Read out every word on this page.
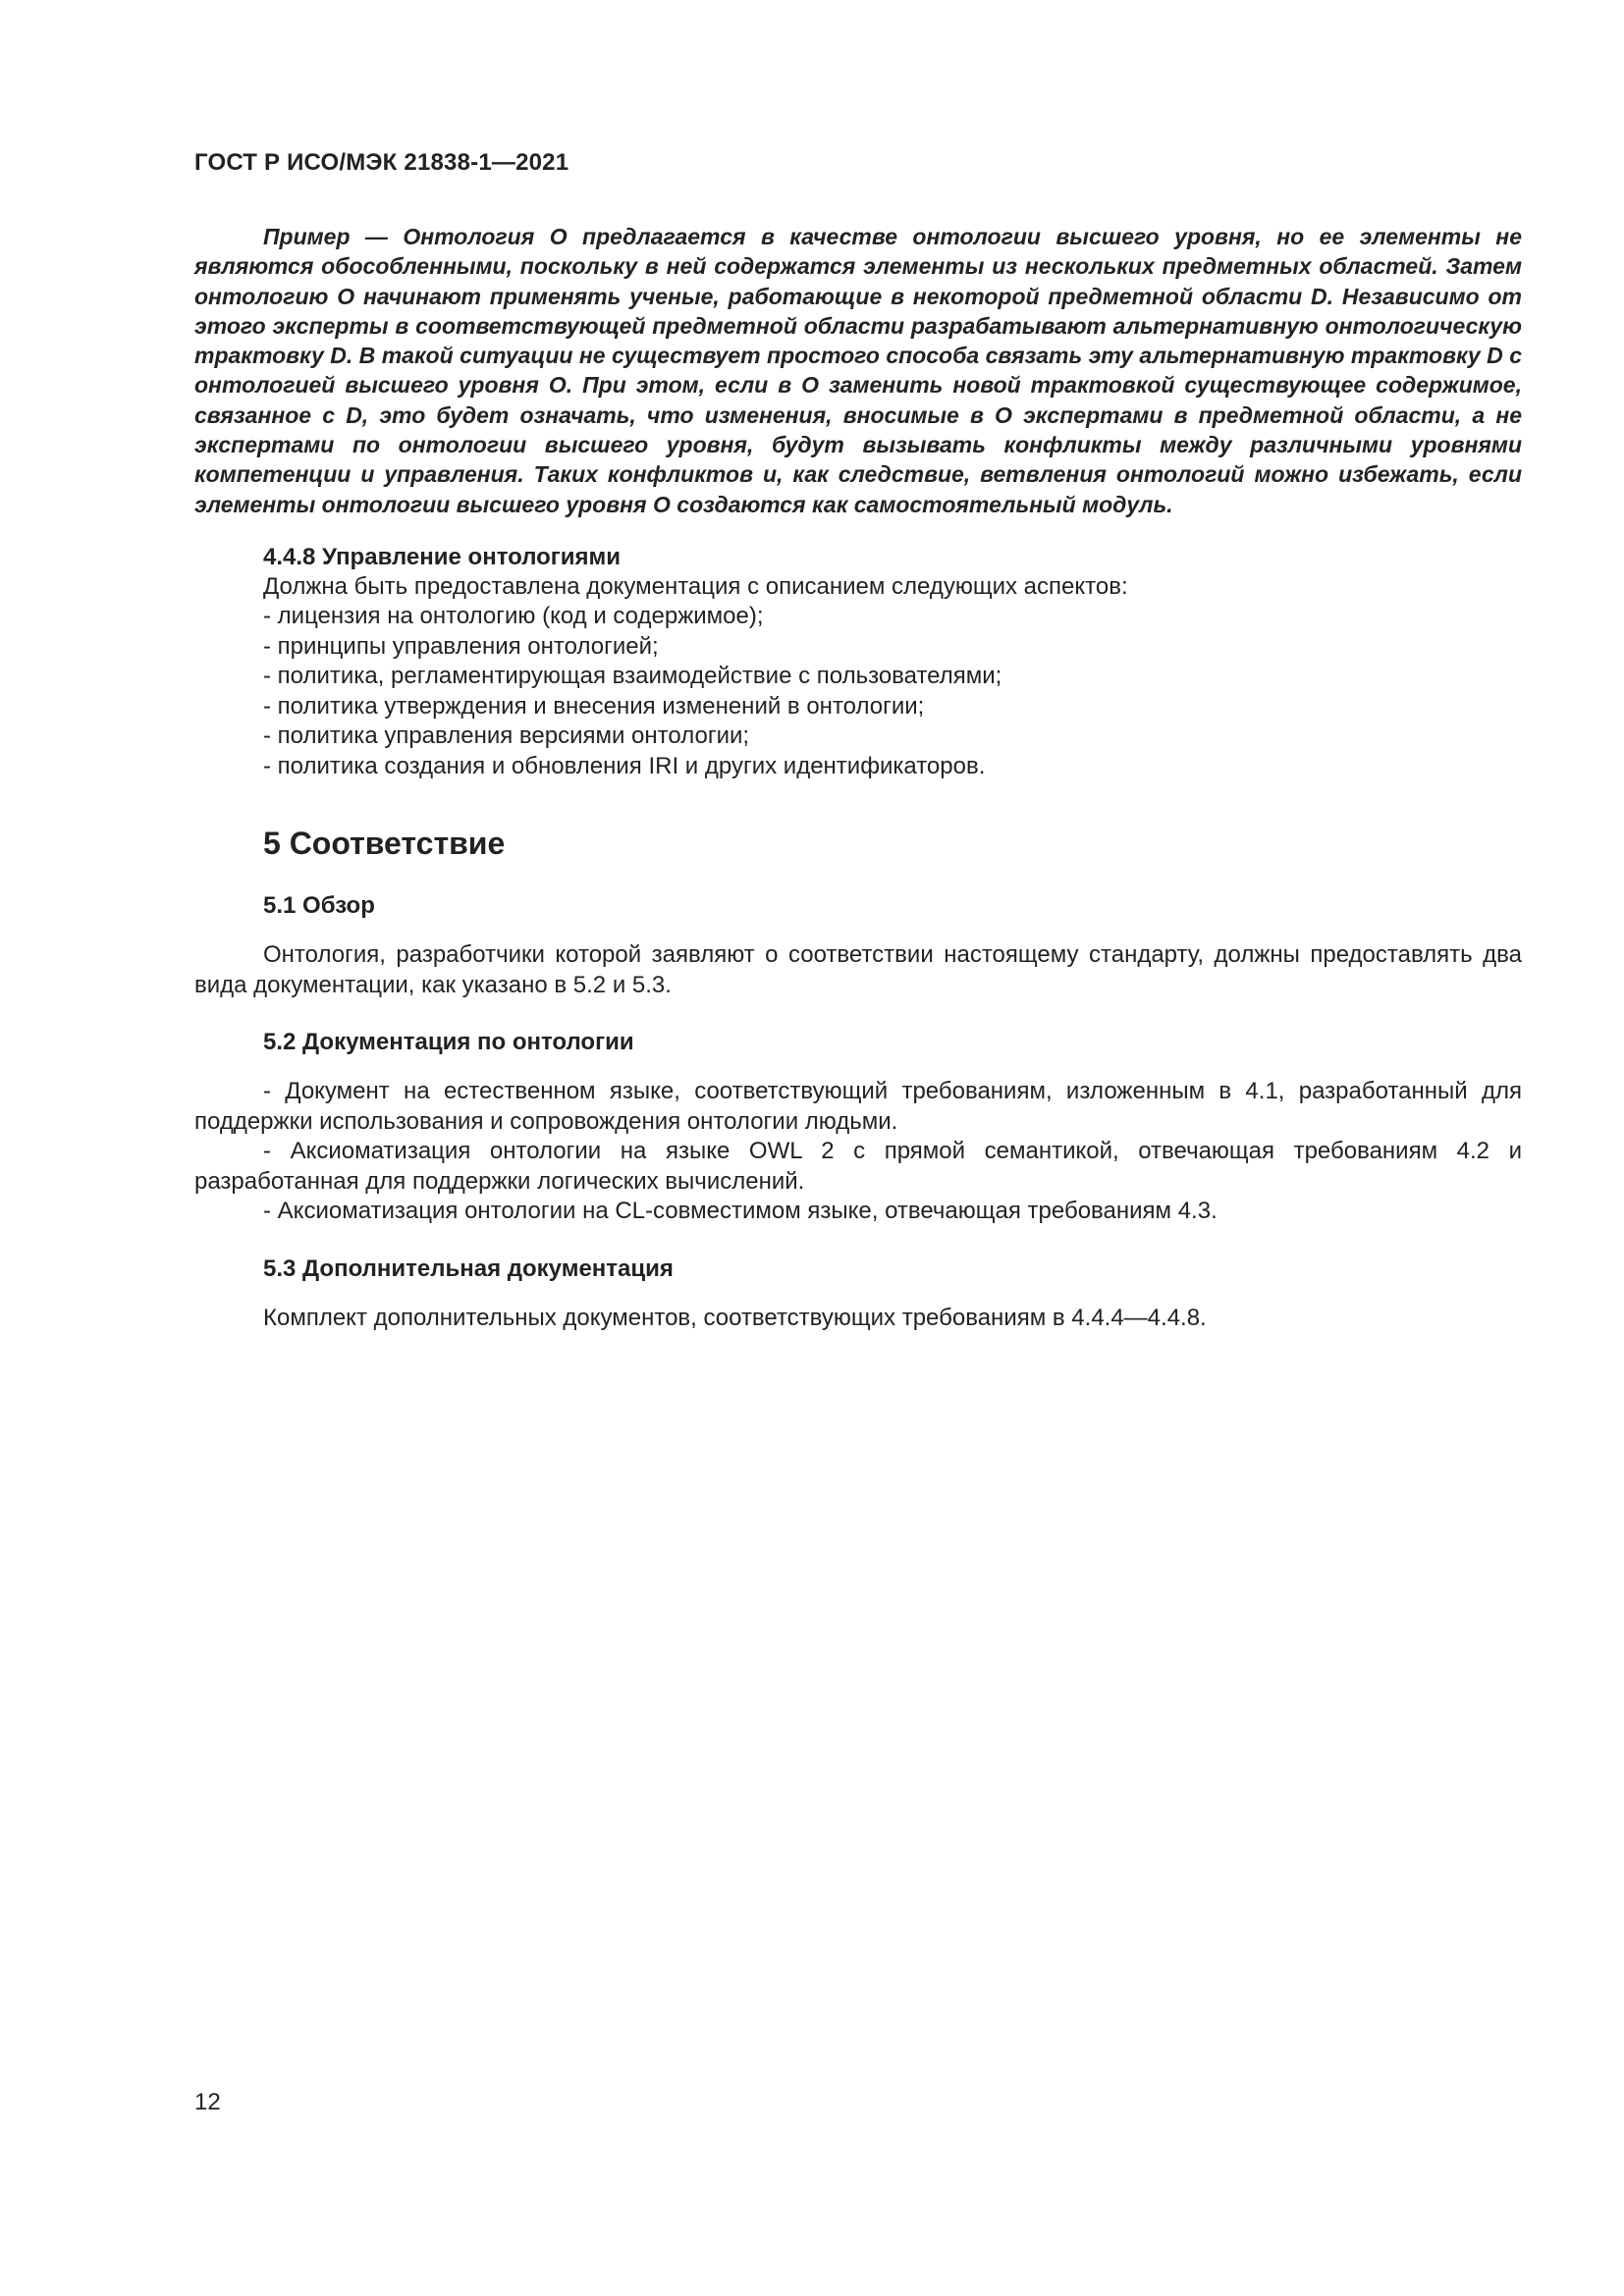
ГОСТ Р ИСО/МЭК 21838-1—2021

Пример — Онтология O предлагается в качестве онтологии высшего уровня, но ее элементы не являются обособленными, поскольку в ней содержатся элементы из нескольких предметных областей. Затем онтологию O начинают применять ученые, работающие в некоторой предметной области D. Независимо от этого эксперты в соответствующей предметной области разрабатывают альтернативную онтологическую трактовку D. В такой ситуации не существует простого способа связать эту альтернативную трактовку D с онтологией высшего уровня O. При этом, если в O заменить новой трактовкой существующее содержимое, связанное с D, это будет означать, что изменения, вносимые в O экспертами в предметной области, а не экспертами по онтологии высшего уровня, будут вызывать конфликты между различными уровнями компетенции и управления. Таких конфликтов и, как следствие, ветвления онтологий можно избежать, если элементы онтологии высшего уровня O создаются как самостоятельный модуль.

4.4.8 Управление онтологиями

Должна быть предоставлена документация с описанием следующих аспектов:

- лицензия на онтологию (код и содержимое);
- принципы управления онтологией;
- политика, регламентирующая взаимодействие с пользователями;
- политика утверждения и внесения изменений в онтологии;
- политика управления версиями онтологии;
- политика создания и обновления IRI и других идентификаторов.
5 Соответствие
5.1 Обзор

Онтология, разработчики которой заявляют о соответствии настоящему стандарту, должны предоставлять два вида документации, как указано в 5.2 и 5.3.

5.2 Документация по онтологии

- Документ на естественном языке, соответствующий требованиям, изложенным в 4.1, разработанный для поддержки использования и сопровождения онтологии людьми.

- Аксиоматизация онтологии на языке OWL 2 с прямой семантикой, отвечающая требованиям 4.2 и разработанная для поддержки логических вычислений.

- Аксиоматизация онтологии на CL-совместимом языке, отвечающая требованиям 4.3.

5.3 Дополнительная документация

Комплект дополнительных документов, соответствующих требованиям в 4.4.4—4.4.8.

12
